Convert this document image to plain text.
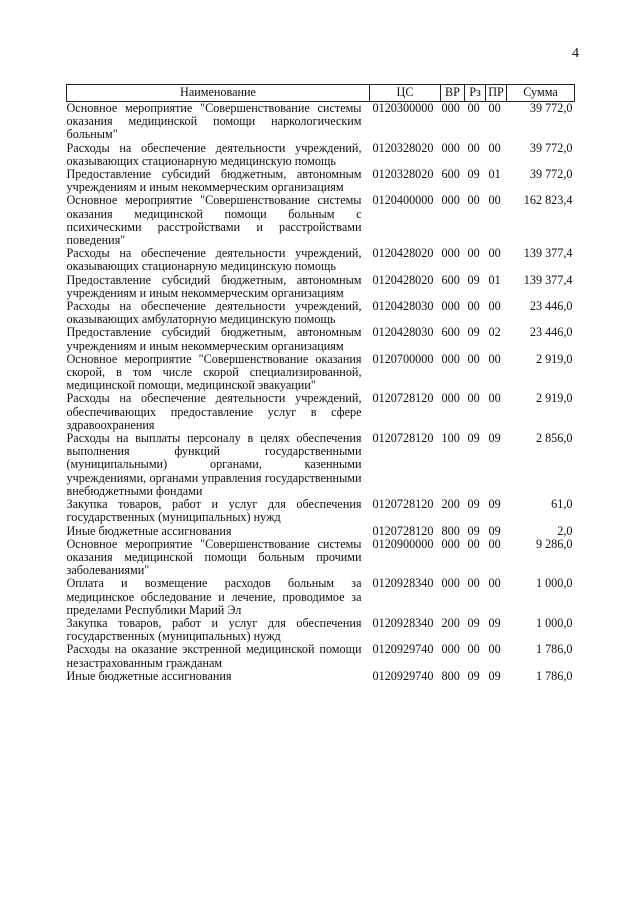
4
Наименование	ЦС	ВР	Рз	ПР	Сумма
Основное мероприятие "Совершенствование системы оказания медицинской помощи наркологическим больным"	0120300000	000	00	00	39 772,0
Расходы на обеспечение деятельности учреждений, оказывающих стационарную медицинскую помощь	0120328020	000	00	00	39 772,0
Предоставление субсидий бюджетным, автономным учреждениям и иным некоммерческим организациям	0120328020	600	09	01	39 772,0
Основное мероприятие "Совершенствование системы оказания медицинской помощи больным с психическими расстройствами и расстройствами поведения"	0120400000	000	00	00	162 823,4
Расходы на обеспечение деятельности учреждений, оказывающих стационарную медицинскую помощь	0120428020	000	00	00	139 377,4
Предоставление субсидий бюджетным, автономным учреждениям и иным некоммерческим организациям	0120428020	600	09	01	139 377,4
Расходы на обеспечение деятельности учреждений, оказывающих амбулаторную медицинскую помощь	0120428030	000	00	00	23 446,0
Предоставление субсидий бюджетным, автономным учреждениям и иным некоммерческим организациям	0120428030	600	09	02	23 446,0
Основное мероприятие "Совершенствование оказания скорой, в том числе скорой специализированной, медицинской помощи, медицинской эвакуации"	0120700000	000	00	00	2 919,0
Расходы на обеспечение деятельности учреждений, обеспечивающих предоставление услуг в сфере здравоохранения	0120728120	000	00	00	2 919,0
Расходы на выплаты персоналу в целях обеспечения выполнения функций государственными (муниципальными) органами, казенными учреждениями, органами управления государственными внебюджетными фондами	0120728120	100	09	09	2 856,0
Закупка товаров, работ и услуг для обеспечения государственных (муниципальных) нужд	0120728120	200	09	09	61,0
Иные бюджетные ассигнования	0120728120	800	09	09	2,0
Основное мероприятие "Совершенствование системы оказания медицинской помощи больным прочими заболеваниями"	0120900000	000	00	00	9 286,0
Оплата и возмещение расходов больным за медицинское обследование и лечение, проводимое за пределами Республики Марий Эл	0120928340	000	00	00	1 000,0
Закупка товаров, работ и услуг для обеспечения государственных (муниципальных) нужд	0120928340	200	09	09	1 000,0
Расходы на оказание экстренной медицинской помощи незастрахованным гражданам	0120929740	000	00	00	1 786,0
Иные бюджетные ассигнования	0120929740	800	09	09	1 786,0
